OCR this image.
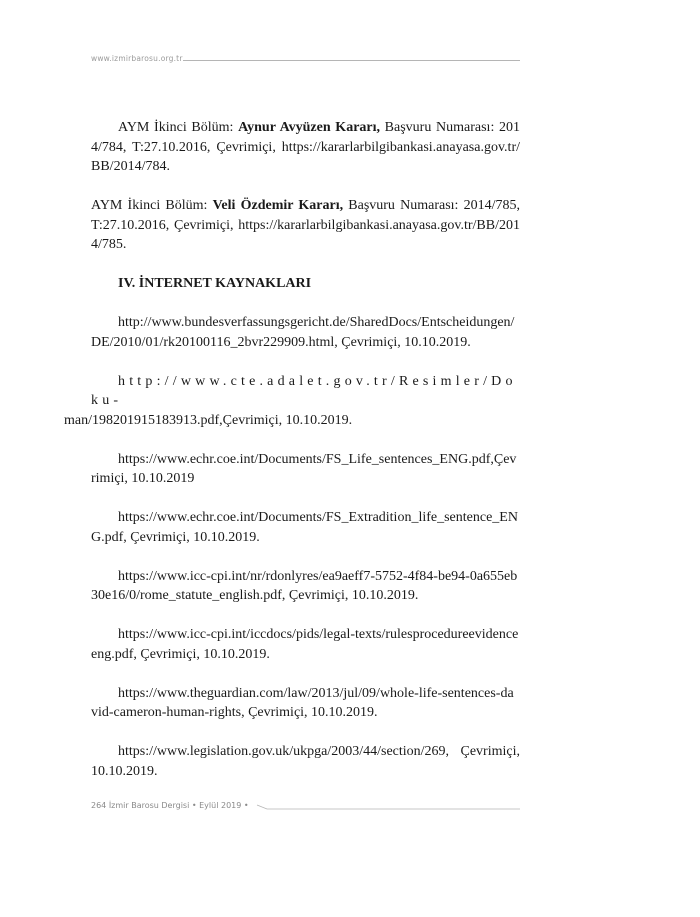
www.izmirbarosu.org.tr

AYM İkinci Bölüm: Aynur Avyüzen Kararı, Başvuru Numarası: 2014/784, T:27.10.2016, Çevrimiçi, https://kararlarbilgibankasi.anayasa.gov.tr/BB/2014/784.

AYM İkinci Bölüm: Veli Özdemir Kararı, Başvuru Numarası: 2014/785, T:27.10.2016, Çevrimiçi, https://kararlarbilgibankasi.anayasa.gov.tr/BB/2014/785.

IV. İNTERNET KAYNAKLARI

http://www.bundesverfassungsgericht.de/SharedDocs/Entscheidungen/DE/2010/01/rk20100116_2bvr229909.html, Çevrimiçi, 10.10.2019.

http://www.cte.adalet.gov.tr/Resimler/Doku-
man/198201915183913.pdf,Çevrimiçi, 10.10.2019.

https://www.echr.coe.int/Documents/FS_Life_sentences_ENG.pdf,Çevrimiçi, 10.10.2019

https://www.echr.coe.int/Documents/FS_Extradition_life_sentence_ENG.pdf, Çevrimiçi, 10.10.2019.

https://www.icc-cpi.int/nr/rdonlyres/ea9aeff7-5752-4f84-be94-0a655eb30e16/0/rome_statute_english.pdf, Çevrimiçi, 10.10.2019.

https://www.icc-cpi.int/iccdocs/pids/legal-texts/rulesprocedureevidenceeng.pdf, Çevrimiçi, 10.10.2019.

https://www.theguardian.com/law/2013/jul/09/whole-life-sentences-david-cameron-human-rights, Çevrimiçi, 10.10.2019.

https://www.legislation.gov.uk/ukpga/2003/44/section/269, Çevrimiçi, 10.10.2019.

264 İzmir Barosu Dergisi • Eylül 2019 •
